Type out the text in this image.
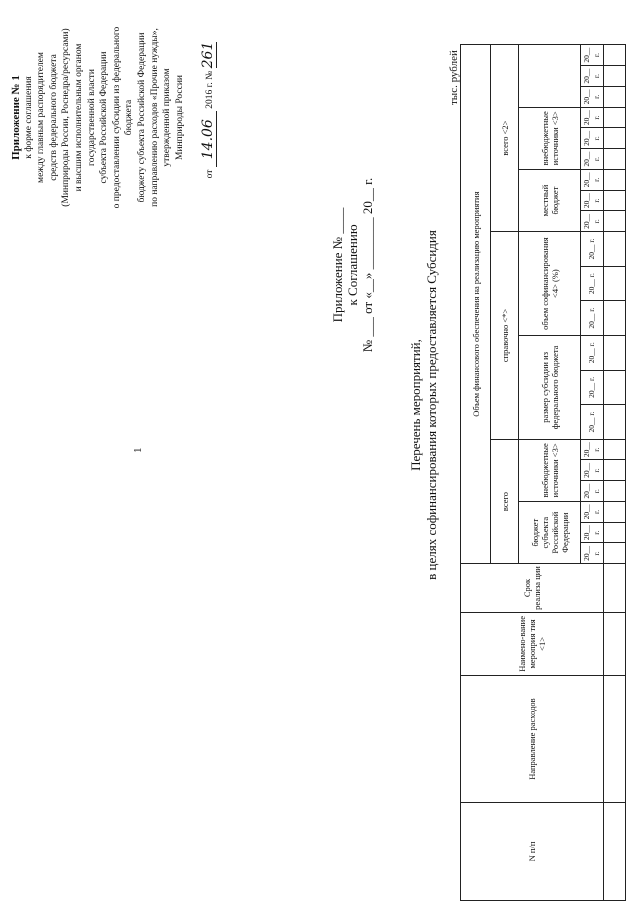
1
Приложение № 1 к форме соглашения между главным распорядителем средств федерального бюджета (Минприроды России, Роснедра/ресурсами) и высшим исполнительным органом государственной власти субъекта Российской Федерации о предоставлении субсидии из федерального бюджета бюджету субъекта Российской Федерации по направлению расходов «Прочие нужды», утвержденной приказом Минприроды России
от 14.06 2016 г. № 261
Приложение № ____ к Соглашению № ___ от «__» ________ 20__ г.
Перечень мероприятий, в целях софинансирования которых предоставляется Субсидия
тыс. рублей
N п/п	Направление расходов	Наимено-вание мероприя тия <1>	Срок реализа ции	Объем финансового обеспечения на реализацию мероприятия																				
				всего						справочно <*>						всего <2>								
				бюджет субъекта Российской Федерации			внебюджетные источники <3>			размер субсидии из федерального бюджета			объем софинансирования <4> (%)			местный бюджет			внебюджетные источники <3>					
				20__ г.	20__ г.	20__ г.	20__ г.	20__ г.	20__ г.	20__ г.	20__ г.	20__ г.	20__ г.	20__ г.	20__ г.	20__ г.	20__ г.	20__ г.	20__ г.	20__ г.	20__ г.	20__ г.	20__ г.	20__ г.
